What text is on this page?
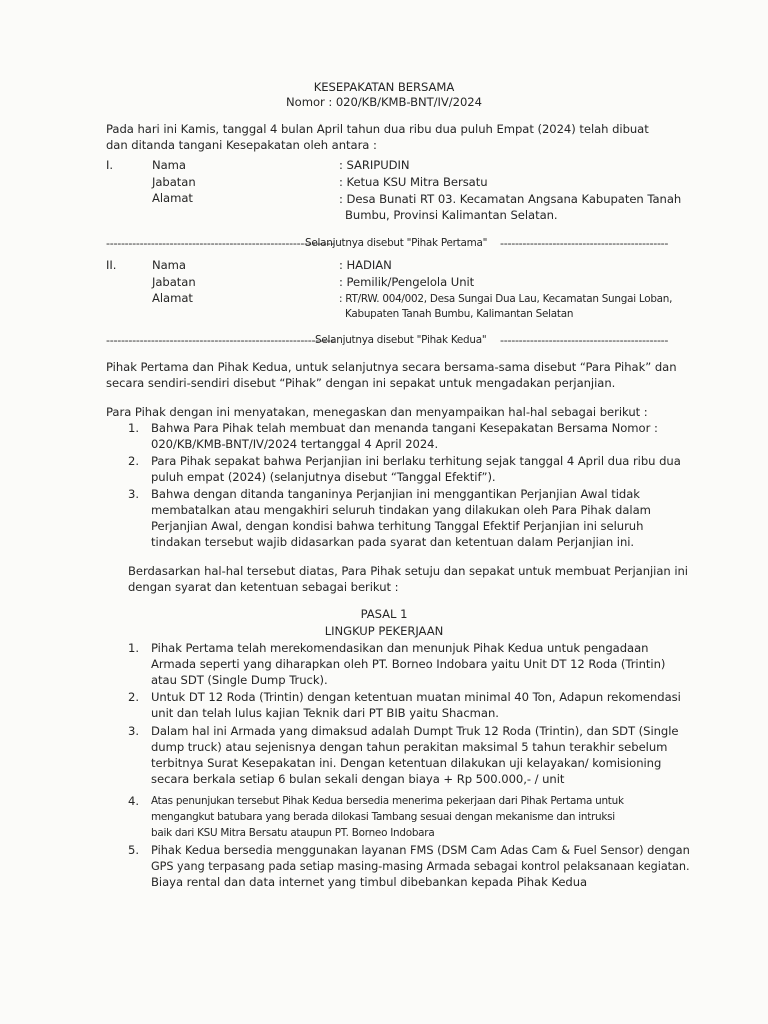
KESEPAKATAN BERSAMA
Nomor : 020/KB/KMB-BNT/IV/2024
Pada hari ini Kamis, tanggal 4 bulan April tahun dua ribu dua puluh Empat (2024) telah dibuat
dan ditanda tangani Kesepakatan oleh antara :
I.	Nama
Jabatan
Alamat
: SARIPUDIN
: Ketua KSU Mitra Bersatu
: Desa Bunati RT 03. Kecamatan Angsana Kabupaten Tanah
Bumbu, Provinsi Kalimantan Selatan.
-------------------------------------------------------------
Selanjutnya disebut "Pihak Pertama" ---------------------------------------------
II.	Nama
Jabatan
Alamat
: HADIAN
: Pemilik/Pengelola Unit
: RT/RW. 004/002, Desa Sungai Dua Lau, Kecamatan Sungai Loban,
Kabupaten Tanah Bumbu, Kalimantan Selatan
-------------------------------------------------------------
Selanjutnya disebut "Pihak Kedua" ---------------------------------------------
Pihak Pertama dan Pihak Kedua, untuk selanjutnya secara bersama-sama disebut “Para Pihak” dan
secara sendiri-sendiri disebut “Pihak” dengan ini sepakat untuk mengadakan perjanjian.
Para Pihak dengan ini menyatakan, menegaskan dan menyampaikan hal-hal sebagai berikut :
1. Bahwa Para Pihak telah membuat dan menanda tangani Kesepakatan Bersama Nomor :
020/KB/KMB-BNT/IV/2024 tertanggal 4 April 2024.
2. Para Pihak sepakat bahwa Perjanjian ini berlaku terhitung sejak tanggal 4 April dua ribu dua
puluh empat (2024) (selanjutnya disebut “Tanggal Efektif”).
3. Bahwa dengan ditanda tanganinya Perjanjian ini menggantikan Perjanjian Awal tidak
membatalkan atau mengakhiri seluruh tindakan yang dilakukan oleh Para Pihak dalam
Perjanjian Awal, dengan kondisi bahwa terhitung Tanggal Efektif Perjanjian ini seluruh
tindakan tersebut wajib didasarkan pada syarat dan ketentuan dalam Perjanjian ini.
Berdasarkan hal-hal tersebut diatas, Para Pihak setuju dan sepakat untuk membuat Perjanjian ini
dengan syarat dan ketentuan sebagai berikut :
PASAL 1
LINGKUP PEKERJAAN
1. Pihak Pertama telah merekomendasikan dan menunjuk Pihak Kedua untuk pengadaan
Armada seperti yang diharapkan oleh PT. Borneo Indobara yaitu Unit DT 12 Roda (Trintin)
atau SDT (Single Dump Truck).
2. Untuk DT 12 Roda (Trintin) dengan ketentuan muatan minimal 40 Ton, Adapun rekomendasi
unit dan telah lulus kajian Teknik dari PT BIB yaitu Shacman.
3. Dalam hal ini Armada yang dimaksud adalah Dumpt Truk 12 Roda (Trintin), dan SDT (Single
dump truck) atau sejenisnya dengan tahun perakitan maksimal 5 tahun terakhir sebelum
terbitnya Surat Kesepakatan ini. Dengan ketentuan dilakukan uji kelayakan/ komisioning
secara berkala setiap 6 bulan sekali dengan biaya + Rp 500.000,- / unit
4. Atas penunjukan tersebut Pihak Kedua bersedia menerima pekerjaan dari Pihak Pertama untuk
mengangkut batubara yang berada dilokasi Tambang sesuai dengan mekanisme dan intruksi
baik dari KSU Mitra Bersatu ataupun PT. Borneo Indobara
5. Pihak Kedua bersedia menggunakan layanan FMS (DSM Cam Adas Cam & Fuel Sensor) dengan
GPS yang terpasang pada setiap masing-masing Armada sebagai kontrol pelaksanaan kegiatan.
Biaya rental dan data internet yang timbul dibebankan kepada Pihak Kedua
